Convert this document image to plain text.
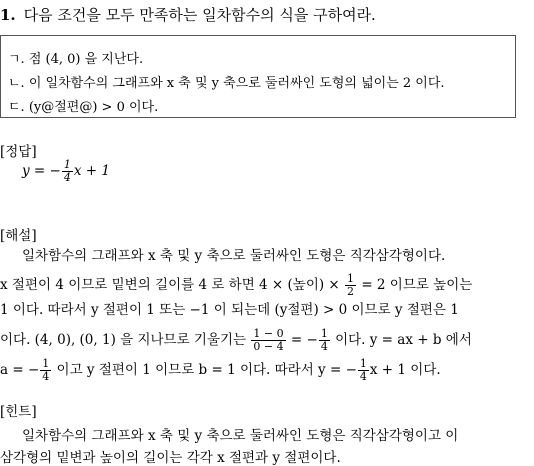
1. 다음 조건을 모두 만족하는 일차함수의 식을 구하여라.
ㄱ. 점 (4, 0) 을 지난다.
ㄴ. 이 일차함수의 그래프와 x 축 및 y 축으로 둘러싸인 도형의 넓이는 2 이다.
ㄷ. (y@절편@) > 0 이다.
[정답]
y = − $\frac{1}{4}$ x + 1
[해설]
일차함수의 그래프와 x 축 및 y 축으로 둘러싸인 도형은 직각삼각형이다.
x 절편이 4 이므로 밑변의 길이를 4 로 하면 4 × (높이) × $\frac{1}{2} = 2$ 이므로 높이는
1 이다. 따라서 y 절편이 1 또는 −1 이 되는데 (y절편) > 0 이므로 y 절편은 1
이다. (4, 0), (0, 1) 을 지나므로 기울기는 $\frac{1 - 0}{0 - 4}$ = − $\frac{1}{4}$ 이다. y = ax + b 에서
a = − $\frac{1}{4}$ 이고 y 절편이 1 이므로 b = 1 이다. 따라서 y = − $\frac{1}{4}$ x + 1 이다.
[힌트]
일차함수의 그래프와 x 축 및 y 축으로 둘러싸인 도형은 직각삼각형이고 이
삼각형의 밑변과 높이의 길이는 각각 x 절편과 y 절편이다.
